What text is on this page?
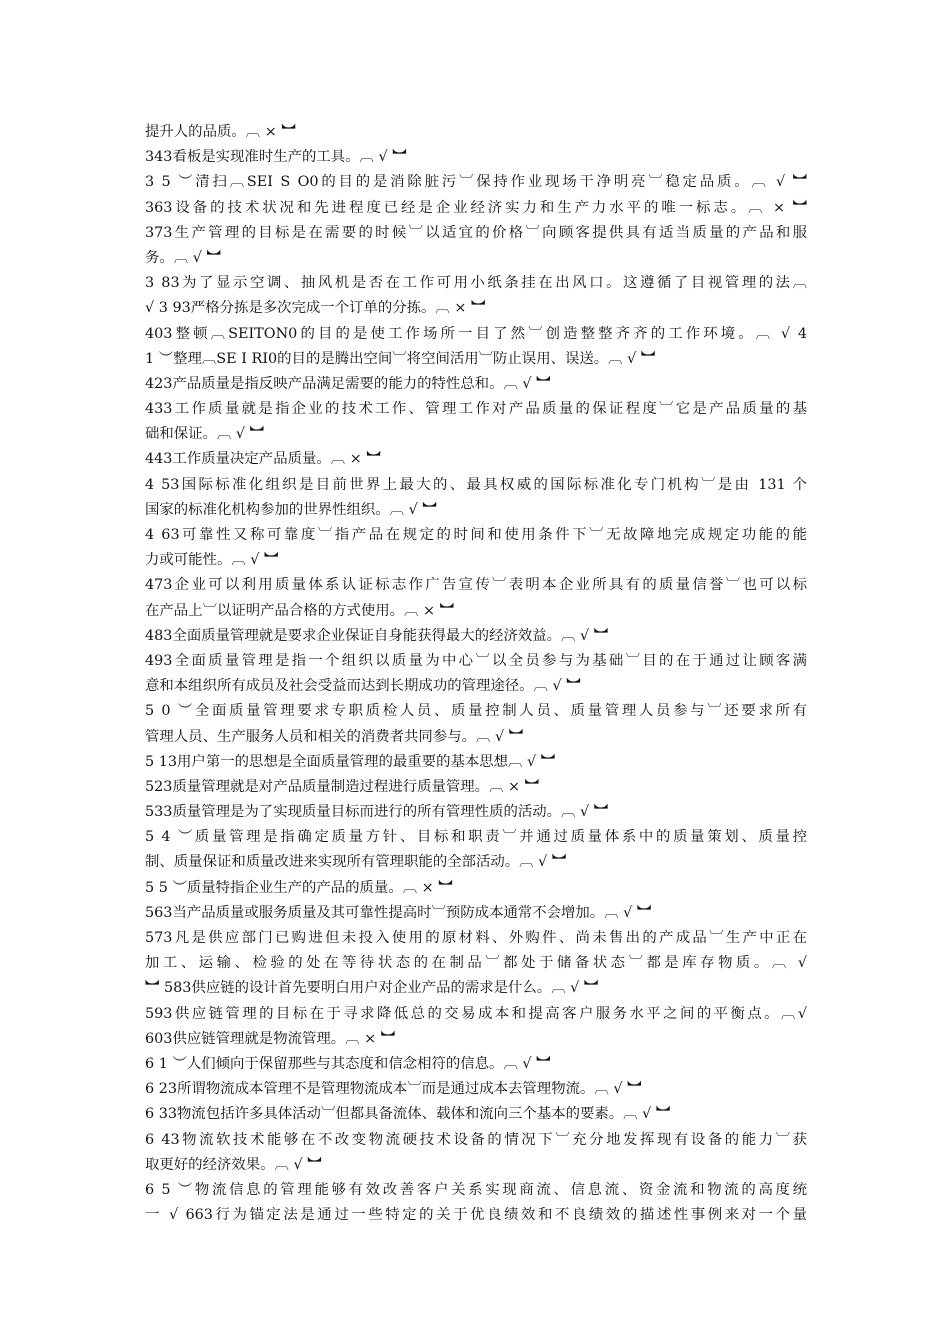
提升人的品质。︹ × ︼
343看板是实现准时生产的工具。︹ √ ︼
3 5 ︶清扫︹SEI S O0的目的是消除脏污︺保持作业现场干净明亮︺稳定品质。︹ √ ︼
363设备的技术状况和先进程度已经是企业经济实力和生产力水平的唯一标志。︹ × ︼
373生产管理的目标是在需要的时候︺以适宜的价格︺向顾客提供具有适当质量的产品和服
务。︹ √ ︼
3 83为了显示空调、抽风机是否在工作可用小纸条挂在出风口。这遵循了目视管理的法︹
√ 3 93严格分拣是多次完成一个订单的分拣。︹ × ︼
403整顿︹SEITON0的目的是使工作场所一目了然︺创造整整齐齐的工作环境。︹ √ 4
1 ︶整理︹SE Ⅰ RI0的目的是腾出空间︺将空间活用︺防止误用、误送。︹ √ ︼
423产品质量是指反映产品满足需要的能力的特性总和。︹ √ ︼
433工作质量就是指企业的技术工作、管理工作对产品质量的保证程度︺它是产品质量的基
础和保证。︹ √ ︼
443工作质量决定产品质量。︹ × ︼
4 53国际标准化组织是目前世界上最大的、最具权威的国际标准化专门机构︺是由 131 个
国家的标准化机构参加的世界性组织。︹ √ ︼
4 63可靠性又称可靠度︺指产品在规定的时间和使用条件下︺无故障地完成规定功能的能
力或可能性。︹ √ ︼
473企业可以利用质量体系认证标志作广告宣传︺表明本企业所具有的质量信誉︺也可以标
在产品上︺以证明产品合格的方式使用。︹ × ︼
483全面质量管理就是要求企业保证自身能获得最大的经济效益。︹ √ ︼
493全面质量管理是指一个组织以质量为中心︺以全员参与为基础︺目的在于通过让顾客满
意和本组织所有成员及社会受益而达到长期成功的管理途径。︹ √ ︼
5 0 ︶全面质量管理要求专职质检人员、质量控制人员、质量管理人员参与︺还要求所有
管理人员、生产服务人员和相关的消费者共同参与。︹ √ ︼
5 13用户第一的思想是全面质量管理的最重要的基本思想︹ √ ︼
523质量管理就是对产品质量制造过程进行质量管理。︹ × ︼
533质量管理是为了实现质量目标而进行的所有管理性质的活动。︹ √ ︼
5 4 ︶质量管理是指确定质量方针、目标和职责︺并通过质量体系中的质量策划、质量控
制、质量保证和质量改进来实现所有管理职能的全部活动。︹ √ ︼
5 5 ︶质量特指企业生产的产品的质量。︹ × ︼
563当产品质量或服务质量及其可靠性提高时︺预防成本通常不会增加。︹ √ ︼
573凡是供应部门已购进但未投入使用的原材料、外购件、尚未售出的产成品︺生产中正在
加工、运输、检验的处在等待状态的在制品︺都处于储备状态︺都是库存物质。︹ √
︼ 583供应链的设计首先要明白用户对企业产品的需求是什么。︹ √ ︼
593供应链管理的目标在于寻求降低总的交易成本和提高客户服务水平之间的平衡点。︹√
603供应链管理就是物流管理。︹ × ︼
6 1 ︶人们倾向于保留那些与其态度和信念相符的信息。︹ √ ︼
6 23所谓物流成本管理不是管理物流成本︺而是通过成本去管理物流。︹ √ ︼
6 33物流包括许多具体活动︺但都具备流体、载体和流向三个基本的要素。︹ √ ︼
6 43物流软技术能够在不改变物流硬技术设备的情况下︺充分地发挥现有设备的能力︺获
取更好的经济效果。︹ √ ︼
6 5 ︶物流信息的管理能够有效改善客户关系实现商流、信息流、资金流和物流的高度统
一 √ 663行为锚定法是通过一些特定的关于优良绩效和不良绩效的描述性事例来对一个量
